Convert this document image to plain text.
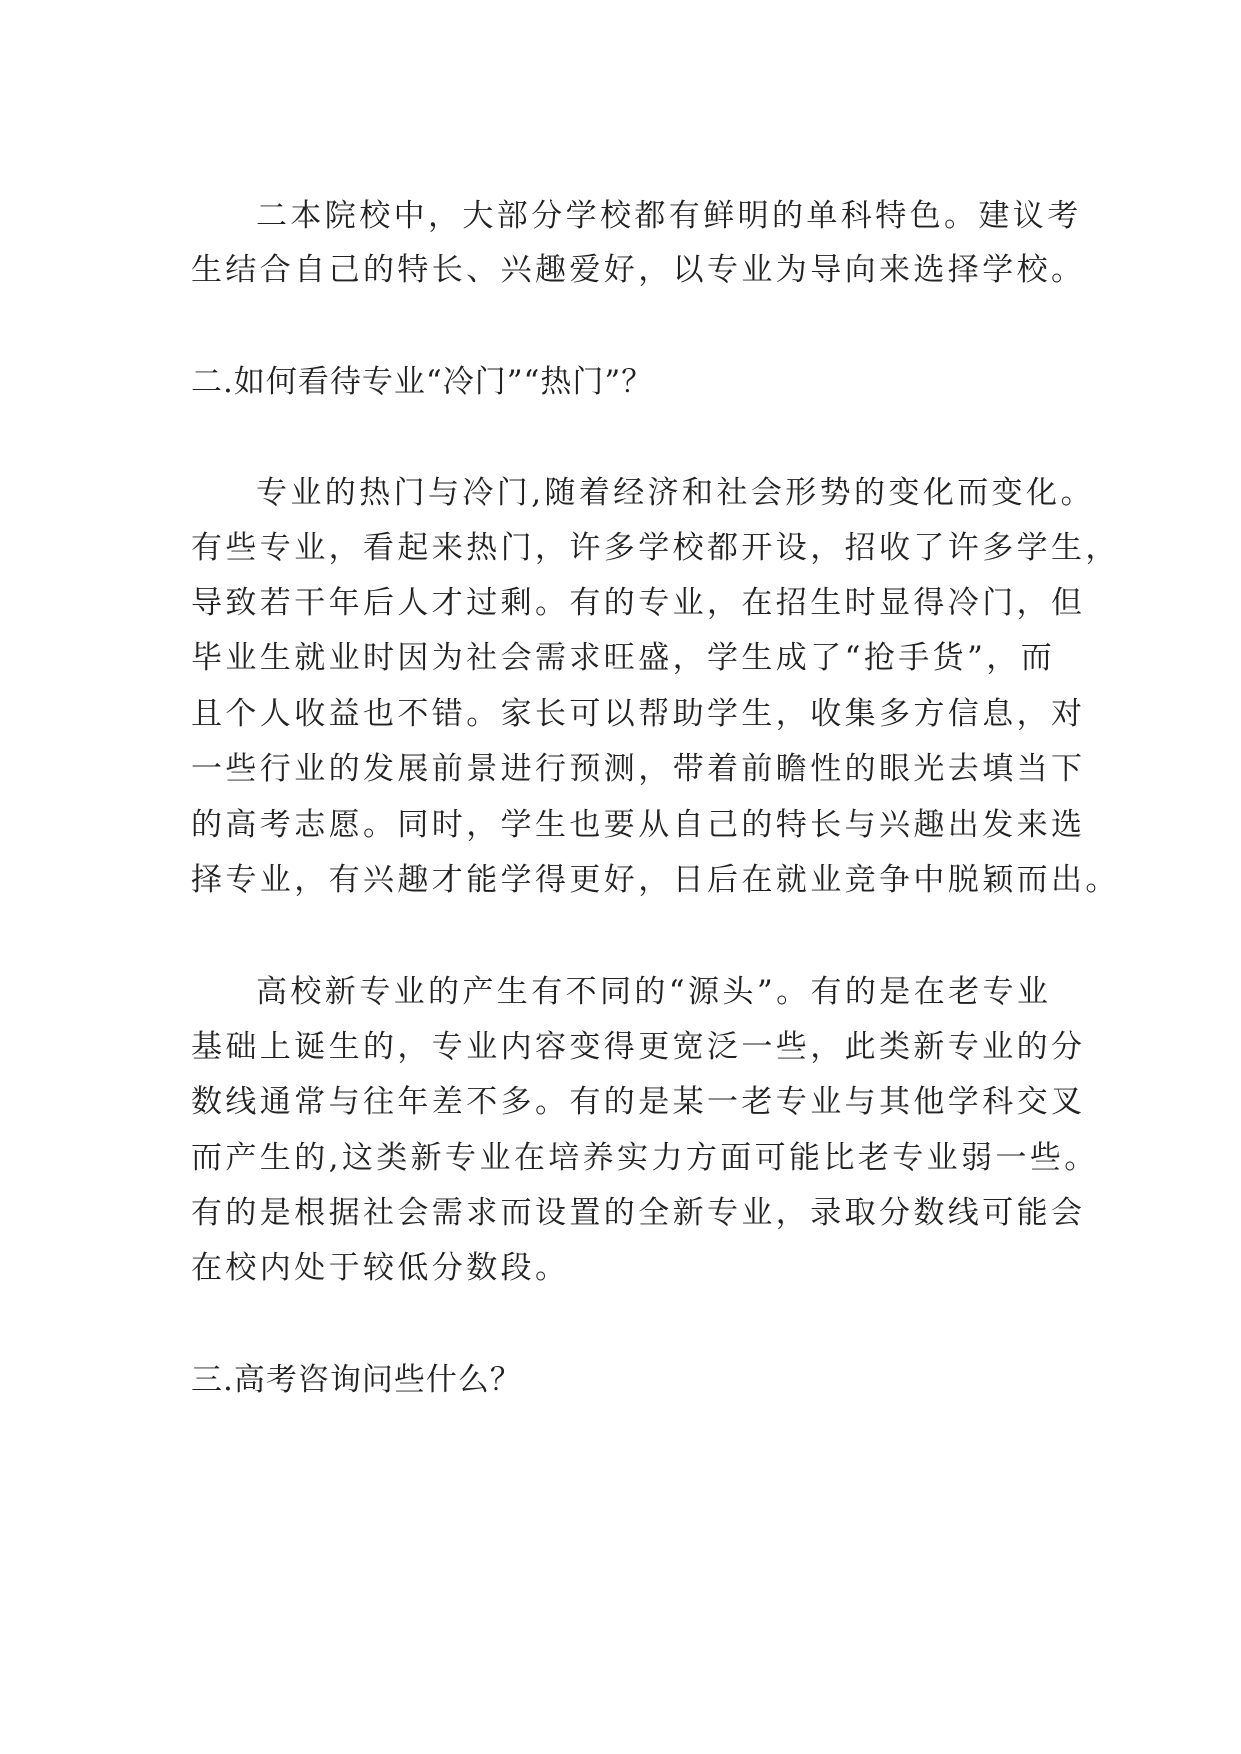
二本院校中，大部分学校都有鲜明的单科特色。建议考
生结合自己的特长、兴趣爱好，以专业为导向来选择学校。
二.如何看待专业“冷门”“热门”？
专业的热门与冷门,随着经济和社会形势的变化而变化。
有些专业，看起来热门，许多学校都开设，招收了许多学生，
导致若干年后人才过剩。有的专业，在招生时显得冷门，但
毕业生就业时因为社会需求旺盛，学生成了“抢手货”，而
且个人收益也不错。家长可以帮助学生，收集多方信息，对
一些行业的发展前景进行预测，带着前瞻性的眼光去填当下
的高考志愿。同时，学生也要从自己的特长与兴趣出发来选
择专业，有兴趣才能学得更好，日后在就业竞争中脱颖而出。
高校新专业的产生有不同的“源头”。有的是在老专业
基础上诞生的，专业内容变得更宽泛一些，此类新专业的分
数线通常与往年差不多。有的是某一老专业与其他学科交叉
而产生的,这类新专业在培养实力方面可能比老专业弱一些。
有的是根据社会需求而设置的全新专业，录取分数线可能会
在校内处于较低分数段。
三.高考咨询问些什么？
